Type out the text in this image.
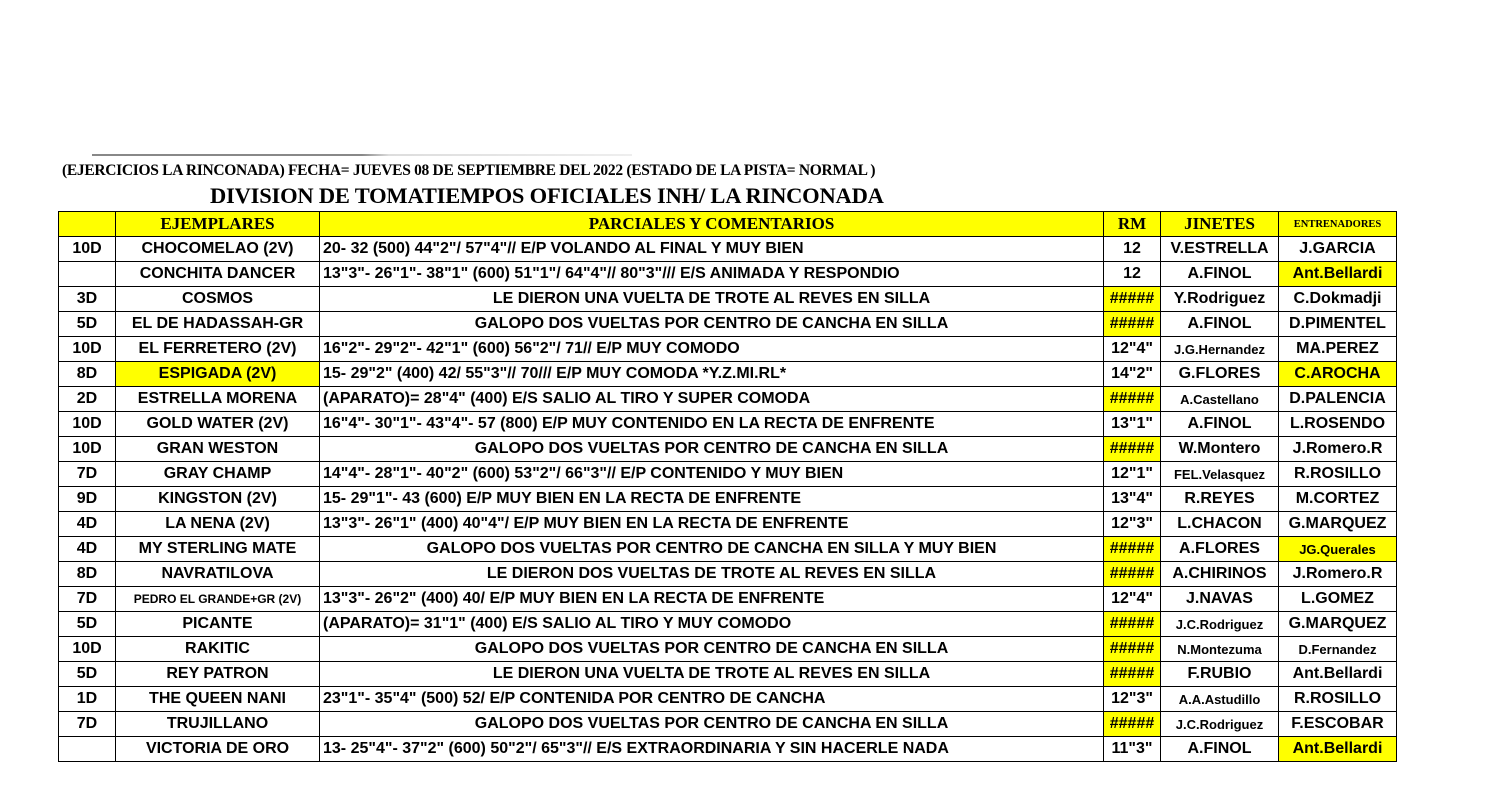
(EJERCICIOS LA RINCONADA) FECHA= JUEVES 08 DE SEPTIEMBRE DEL 2022 (ESTADO DE LA PISTA= NORMAL )
DIVISION DE TOMATIEMPOS OFICIALES INH/ LA RINCONADA
	EJEMPLARES	PARCIALES Y COMENTARIOS	RM	JINETES	ENTRENADORES
10D	CHOCOMELAO (2V)	20- 32 (500) 44"2"/ 57"4"// E/P VOLANDO AL FINAL Y MUY BIEN	12	V.ESTRELLA	J.GARCIA
	CONCHITA DANCER	13"3"- 26"1"- 38"1" (600) 51"1"/ 64"4"// 80"3"/// E/S ANIMADA Y RESPONDIO	12	A.FINOL	Ant.Bellardi
3D	COSMOS	LE DIERON UNA VUELTA DE TROTE AL REVES EN SILLA	#####	Y.Rodriguez	C.Dokmadji
5D	EL DE HADASSAH-GR	GALOPO DOS VUELTAS POR CENTRO DE CANCHA EN SILLA	#####	A.FINOL	D.PIMENTEL
10D	EL FERRETERO (2V)	16"2"- 29"2"- 42"1" (600) 56"2"/ 71// E/P MUY COMODO	12"4"	J.G.Hernandez	MA.PEREZ
8D	ESPIGADA (2V)	15- 29"2" (400) 42/ 55"3"// 70/// E/P MUY COMODA *Y.Z.MI.RL*	14"2"	G.FLORES	C.AROCHA
2D	ESTRELLA MORENA	(APARATO)= 28"4" (400) E/S SALIO AL TIRO Y SUPER COMODA	#####	A.Castellano	D.PALENCIA
10D	GOLD WATER (2V)	16"4"- 30"1"- 43"4"- 57 (800) E/P MUY CONTENIDO EN LA RECTA DE ENFRENTE	13"1"	A.FINOL	L.ROSENDO
10D	GRAN WESTON	GALOPO DOS VUELTAS POR CENTRO DE CANCHA EN SILLA	#####	W.Montero	J.Romero.R
7D	GRAY CHAMP	14"4"- 28"1"- 40"2" (600) 53"2"/ 66"3"// E/P CONTENIDO Y MUY BIEN	12"1"	FEL.Velasquez	R.ROSILLO
9D	KINGSTON (2V)	15- 29"1"- 43 (600) E/P MUY BIEN EN LA RECTA DE ENFRENTE	13"4"	R.REYES	M.CORTEZ
4D	LA NENA (2V)	13"3"- 26"1" (400) 40"4"/ E/P MUY BIEN EN LA RECTA DE ENFRENTE	12"3"	L.CHACON	G.MARQUEZ
4D	MY STERLING MATE	GALOPO DOS VUELTAS POR CENTRO DE CANCHA EN SILLA Y MUY BIEN	#####	A.FLORES	JG.Querales
8D	NAVRATILOVA	LE DIERON DOS VUELTAS DE TROTE AL REVES EN SILLA	#####	A.CHIRINOS	J.Romero.R
7D	PEDRO EL GRANDE+GR (2V)	13"3"- 26"2" (400) 40/ E/P MUY BIEN EN LA RECTA DE ENFRENTE	12"4"	J.NAVAS	L.GOMEZ
5D	PICANTE	(APARATO)= 31"1" (400) E/S SALIO AL TIRO Y MUY COMODO	#####	J.C.Rodriguez	G.MARQUEZ
10D	RAKITIC	GALOPO DOS VUELTAS POR CENTRO DE CANCHA EN SILLA	#####	N.Montezuma	D.Fernandez
5D	REY PATRON	LE DIERON UNA VUELTA DE TROTE AL REVES EN SILLA	#####	F.RUBIO	Ant.Bellardi
1D	THE QUEEN NANI	23"1"- 35"4" (500) 52/ E/P CONTENIDA POR CENTRO DE CANCHA	12"3"	A.A.Astudillo	R.ROSILLO
7D	TRUJILLANO	GALOPO DOS VUELTAS POR CENTRO DE CANCHA EN SILLA	#####	J.C.Rodriguez	F.ESCOBAR
	VICTORIA DE ORO	13- 25"4"- 37"2" (600) 50"2"/ 65"3"// E/S EXTRAORDINARIA Y SIN HACERLE NADA	11"3"	A.FINOL	Ant.Bellardi
